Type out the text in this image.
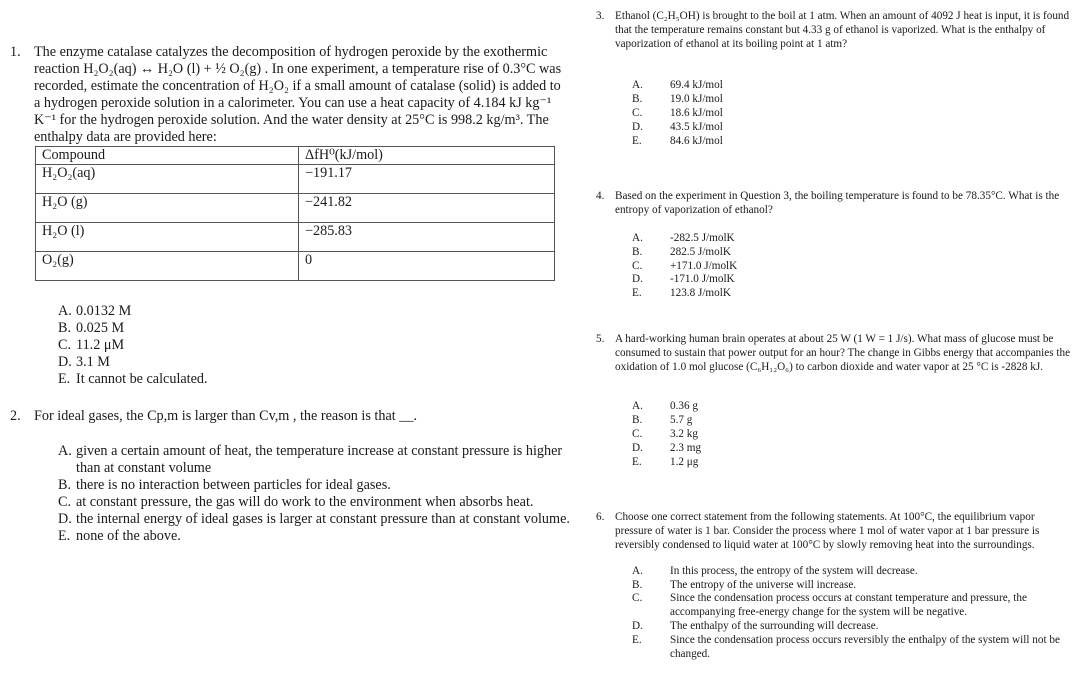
1. The enzyme catalase catalyzes the decomposition of hydrogen peroxide by the exothermic reaction H₂O₂(aq) ↔ H₂O (l) + ½ O₂(g) . In one experiment, a temperature rise of 0.3°C was recorded, estimate the concentration of H₂O₂ if a small amount of catalase (solid) is added to a hydrogen peroxide solution in a calorimeter. You can use a heat capacity of 4.184 kJ kg⁻¹ K⁻¹ for the hydrogen peroxide solution. And the water density at 25°C is 998.2 kg/m³. The enthalpy data are provided here:
Compound	ΔfH⁰(kJ/mol)
H₂O₂(aq)	−191.17
H₂O (g)	−241.82
H₂O (l)	−285.83
O₂(g)	0
A. 0.0132 M
B. 0.025 M
C. 11.2 μM
D. 3.1 M
E. It cannot be calculated.
2. For ideal gases, the Cp,m is larger than Cv,m , the reason is that __.
A. given a certain amount of heat, the temperature increase at constant pressure is higher than at constant volume
B. there is no interaction between particles for ideal gases.
C. at constant pressure, the gas will do work to the environment when absorbs heat.
D. the internal energy of ideal gases is larger at constant pressure than at constant volume.
E. none of the above.
3. Ethanol (C₂H₅OH) is brought to the boil at 1 atm. When an amount of 4092 J heat is input, it is found that the temperature remains constant but 4.33 g of ethanol is vaporized. What is the enthalpy of vaporization of ethanol at its boiling point at 1 atm?
A.	69.4 kJ/mol
B.	19.0 kJ/mol
C.	18.6 kJ/mol
D.	43.5 kJ/mol
E.	84.6 kJ/mol
4. Based on the experiment in Question 3, the boiling temperature is found to be 78.35°C. What is the entropy of vaporization of ethanol?
A.	-282.5 J/molK
B.	282.5 J/molK
C.	+171.0 J/molK
D.	-171.0 J/molK
E.	123.8 J/molK
5. A hard-working human brain operates at about 25 W (1 W = 1 J/s). What mass of glucose must be consumed to sustain that power output for an hour? The change in Gibbs energy that accompanies the oxidation of 1.0 mol glucose (C₆H₁₂O₆) to carbon dioxide and water vapor at 25 °C is -2828 kJ.
A.	0.36 g
B.	5.7 g
C.	3.2 kg
D.	2.3 mg
E.	1.2 μg
6. Choose one correct statement from the following statements. At 100°C, the equilibrium vapor pressure of water is 1 bar. Consider the process where 1 mol of water vapor at 1 bar pressure is reversibly condensed to liquid water at 100°C by slowly removing heat into the surroundings.
A.	In this process, the entropy of the system will decrease.
B.	The entropy of the universe will increase.
C.	Since the condensation process occurs at constant temperature and pressure, the accompanying free-energy change for the system will be negative.
D.	The enthalpy of the surrounding will decrease.
E.	Since the condensation process occurs reversibly the enthalpy of the system will not be changed.
